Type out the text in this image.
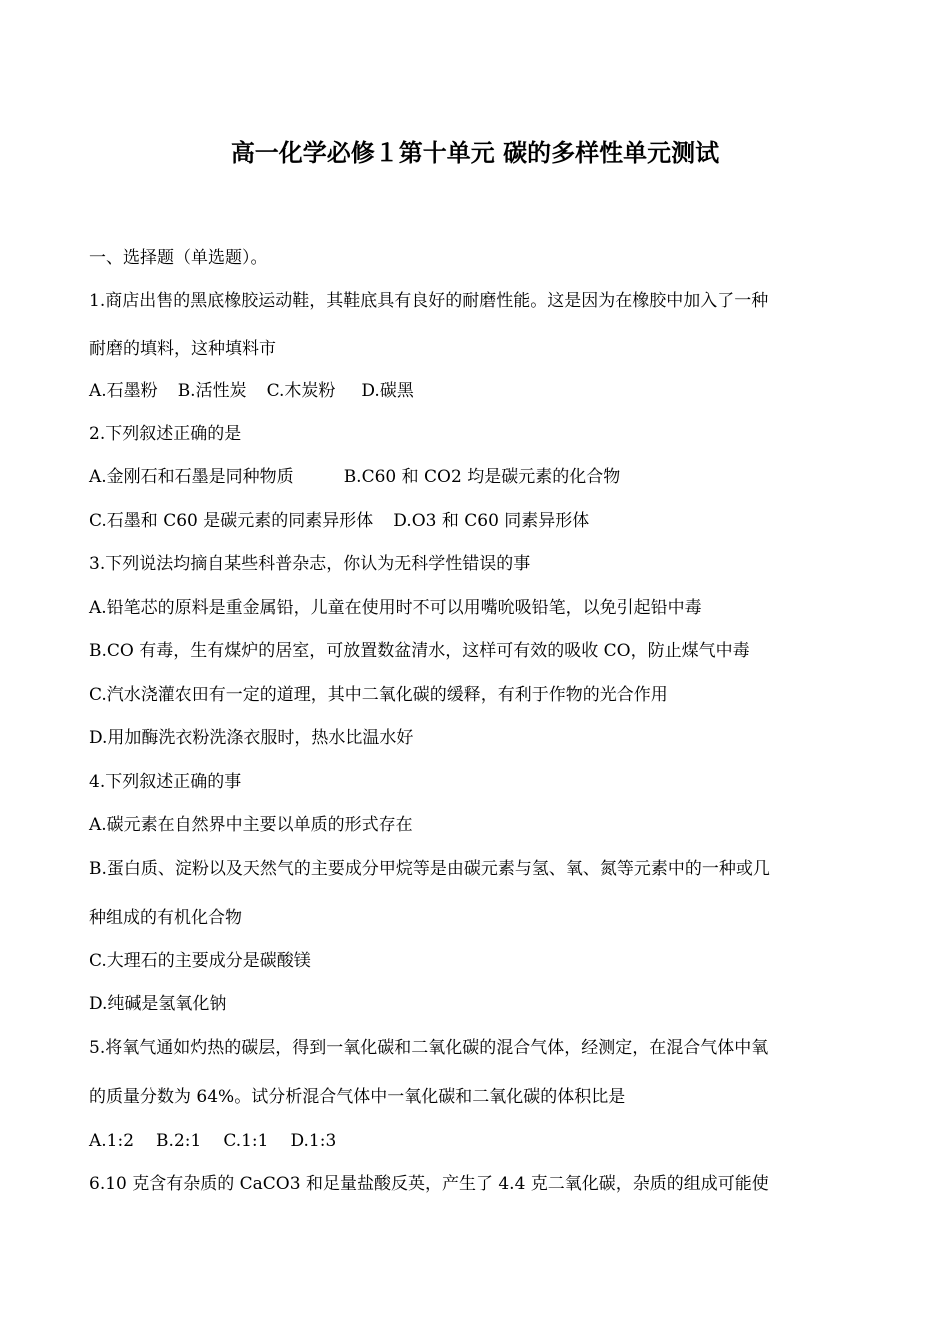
高一化学必修１第十单元 碳的多样性单元测试
一、选择题（单选题）。
1.商店出售的黑底橡胶运动鞋，其鞋底具有良好的耐磨性能。这是因为在橡胶中加入了一种
耐磨的填料，这种填料市
A.石墨粉 B.活性炭 C.木炭粉 D.碳黑
2.下列叙述正确的是
A.金刚石和石墨是同种物质	B.C60 和 CO2 均是碳元素的化合物
C.石墨和 C60 是碳元素的同素异形体 D.O3 和 C60 同素异形体
3.下列说法均摘自某些科普杂志，你认为无科学性错误的事
A.铅笔芯的原料是重金属铅，儿童在使用时不可以用嘴吮吸铅笔，以免引起铅中毒
B.CO 有毒，生有煤炉的居室，可放置数盆清水，这样可有效的吸收 CO，防止煤气中毒
C.汽水浇灌农田有一定的道理，其中二氧化碳的缓释，有利于作物的光合作用
D.用加酶洗衣粉洗涤衣服时，热水比温水好
4.下列叙述正确的事
A.碳元素在自然界中主要以单质的形式存在
B.蛋白质、淀粉以及天然气的主要成分甲烷等是由碳元素与氢、氧、氮等元素中的一种或几
种组成的有机化合物
C.大理石的主要成分是碳酸镁
D.纯碱是氢氧化钠
5.将氧气通如灼热的碳层，得到一氧化碳和二氧化碳的混合气体，经测定，在混合气体中氧
的质量分数为 64%。试分析混合气体中一氧化碳和二氧化碳的体积比是
A.1:2 B.2:1 C.1:1 D.1:3
6.10 克含有杂质的 CaCO3 和足量盐酸反英，产生了 4.4 克二氧化碳，杂质的组成可能使
